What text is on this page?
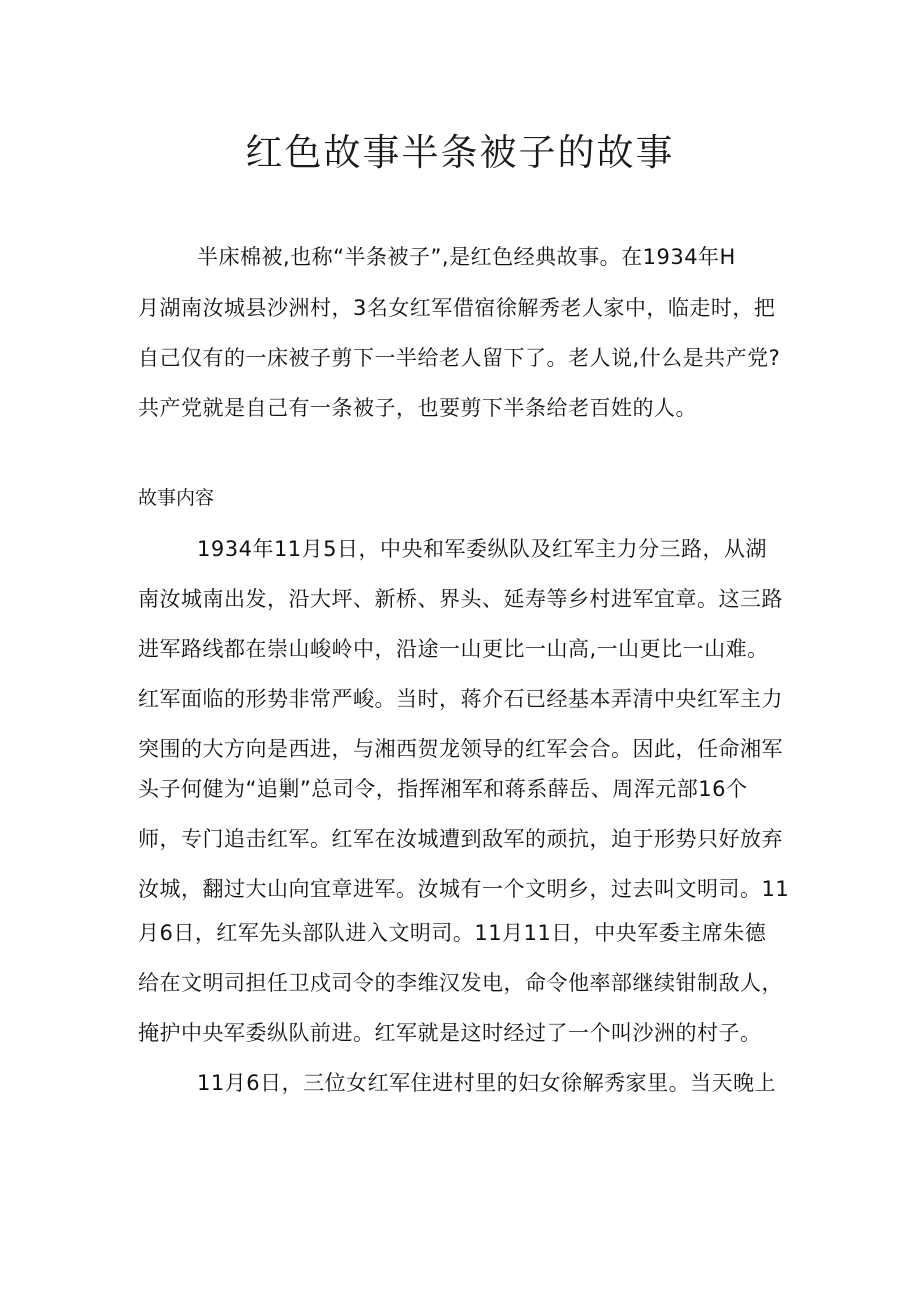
红色故事半条被子的故事
半床棉被,也称“半条被子”,是红色经典故事。在1934年H
月湖南汝城县沙洲村，3名女红军借宿徐解秀老人家中，临走时，把
自己仅有的一床被子剪下一半给老人留下了。老人说,什么是共产党?
共产党就是自己有一条被子，也要剪下半条给老百姓的人。
故事内容
1934年11月5日，中央和军委纵队及红军主力分三路，从湖
南汝城南出发，沿大坪、新桥、界头、延寿等乡村进军宜章。这三路
进军路线都在崇山峻岭中，沿途一山更比一山高,一山更比一山难。
红军面临的形势非常严峻。当时，蒋介石已经基本弄清中央红军主力
突围的大方向是西进，与湘西贺龙领导的红军会合。因此，任命湘军
头子何健为“追剿”总司令，指挥湘军和蒋系薛岳、周浑元部16个
师，专门追击红军。红军在汝城遭到敌军的顽抗，迫于形势只好放弃
汝城，翻过大山向宜章进军。汝城有一个文明乡，过去叫文明司。11
月6日，红军先头部队进入文明司。11月11日，中央军委主席朱德
给在文明司担任卫戍司令的李维汉发电，命令他率部继续钳制敌人，
掩护中央军委纵队前进。红军就是这时经过了一个叫沙洲的村子。
11月6日，三位女红军住进村里的妇女徐解秀家里。当天晚上
